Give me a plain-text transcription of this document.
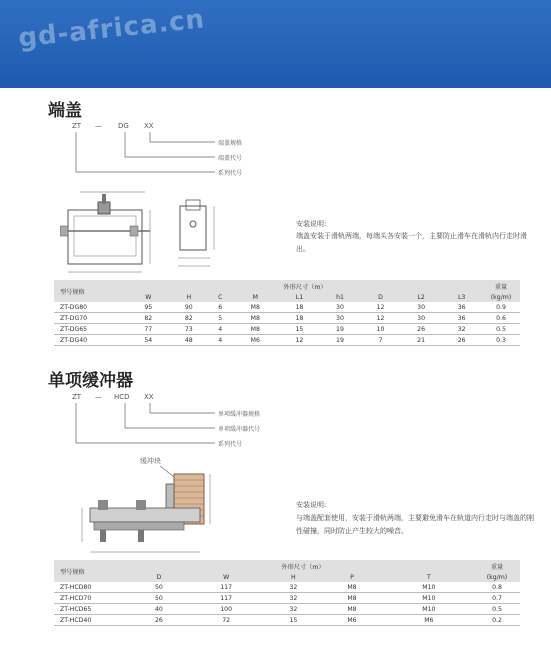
gd-africa.cn
端盖
ZT — DG XX
端盖规格
端盖代号
系列代号
安装说明:
端盖安装于滑轨两端，每端头各安装一个，主要防止滑车在滑轨内行走时滑出。
型号规格	外形尺寸（m）									重量
	W	H	C	M	L1	h1	D	L2	L3	(kg/m)
ZT-DG80	95	90	6	M8	18	30	12	30	36	0.9
ZT-DG70	82	82	5	M8	18	30	12	30	36	0.6
ZT-DG65	77	73	4	M8	15	19	10	26	32	0.5
ZT-DG40	54	48	4	M6	12	19	7	21	26	0.3
单项缓冲器
ZT — HCD XX
单项缓冲器规格
单项缓冲器代号
系列代号
缓冲块
安装说明:
与端盖配套使用，安装于滑轨两端，主要避免滑车在轨道内行走时与端盖的刚性碰撞，同时防止产生较大的噪音。
型号规格	外形尺寸（m）					重量
	D	W	H	P	T	(kg/m)
ZT-HCD80	50	117	32	M8	M10	0.8
ZT-HCD70	50	117	32	M8	M10	0.7
ZT-HCD65	40	100	32	M8	M10	0.5
ZT-HCD40	26	72	15	M6	M6	0.2
